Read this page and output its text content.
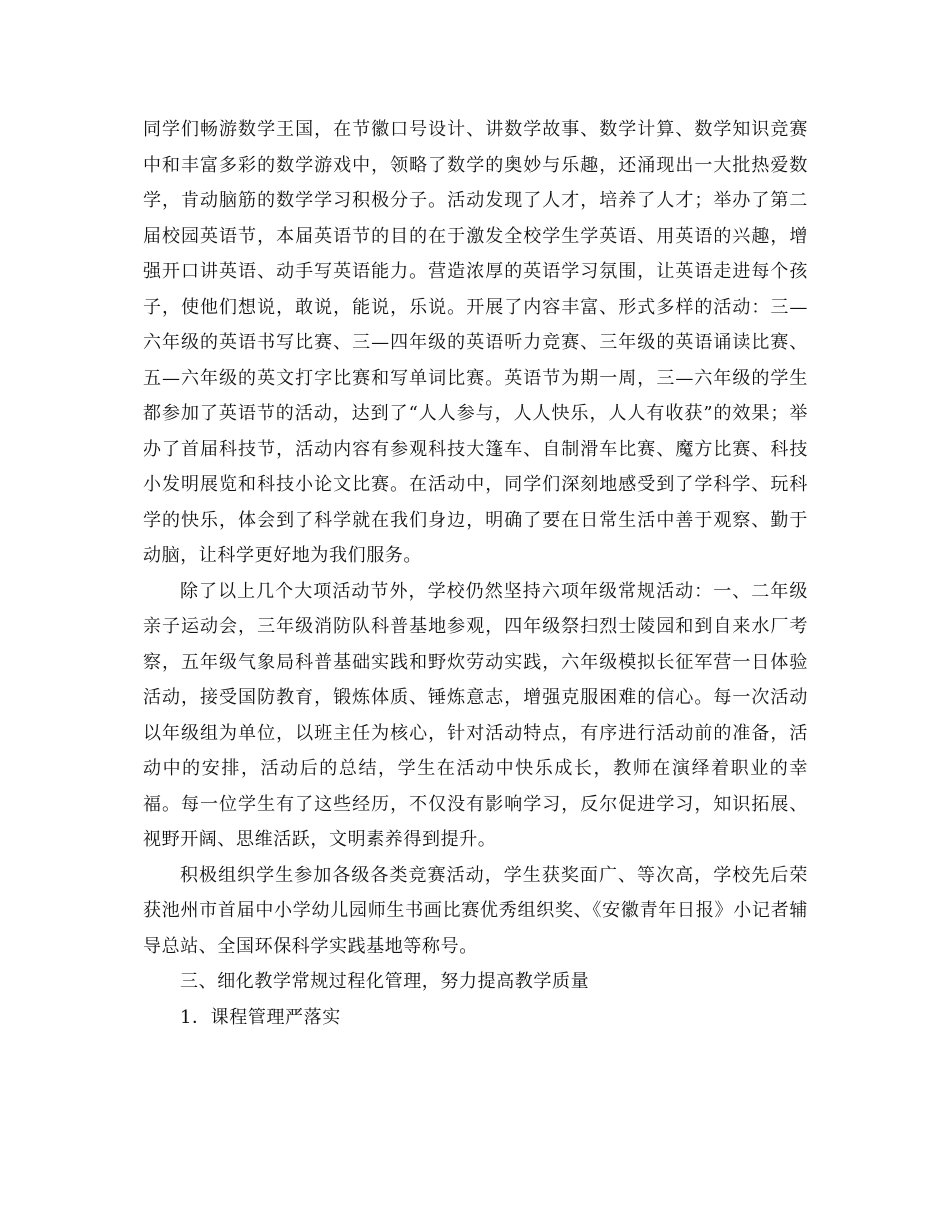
同学们畅游数学王国，在节徽口号设计、讲数学故事、数学计算、数学知识竞赛中和丰富多彩的数学游戏中，领略了数学的奥妙与乐趣，还涌现出一大批热爱数学，肯动脑筋的数学学习积极分子。活动发现了人才，培养了人才；举办了第二届校园英语节，本届英语节的目的在于激发全校学生学英语、用英语的兴趣，增强开口讲英语、动手写英语能力。营造浓厚的英语学习氛围，让英语走进每个孩子，使他们想说，敢说，能说，乐说。开展了内容丰富、形式多样的活动：三—六年级的英语书写比赛、三—四年级的英语听力竞赛、三年级的英语诵读比赛、五—六年级的英文打字比赛和写单词比赛。英语节为期一周，三—六年级的学生都参加了英语节的活动，达到了“人人参与，人人快乐，人人有收获”的效果；举办了首届科技节，活动内容有参观科技大篷车、自制滑车比赛、魔方比赛、科技小发明展览和科技小论文比赛。在活动中，同学们深刻地感受到了学科学、玩科学的快乐，体会到了科学就在我们身边，明确了要在日常生活中善于观察、勤于动脑，让科学更好地为我们服务。

除了以上几个大项活动节外，学校仍然坚持六项年级常规活动：一、二年级亲子运动会，三年级消防队科普基地参观，四年级祭扫烈士陵园和到自来水厂考察，五年级气象局科普基础实践和野炊劳动实践，六年级模拟长征军营一日体验活动，接受国防教育，锻炼体质、锤炼意志，增强克服困难的信心。每一次活动以年级组为单位，以班主任为核心，针对活动特点，有序进行活动前的准备，活动中的安排，活动后的总结，学生在活动中快乐成长，教师在演绎着职业的幸福。每一位学生有了这些经历，不仅没有影响学习，反尔促进学习，知识拓展、视野开阔、思维活跃，文明素养得到提升。

积极组织学生参加各级各类竞赛活动，学生获奖面广、等次高，学校先后荣获池州市首届中小学幼儿园师生书画比赛优秀组织奖、《安徽青年日报》小记者辅导总站、全国环保科学实践基地等称号。

三、细化教学常规过程化管理，努力提高教学质量

1．课程管理严落实
